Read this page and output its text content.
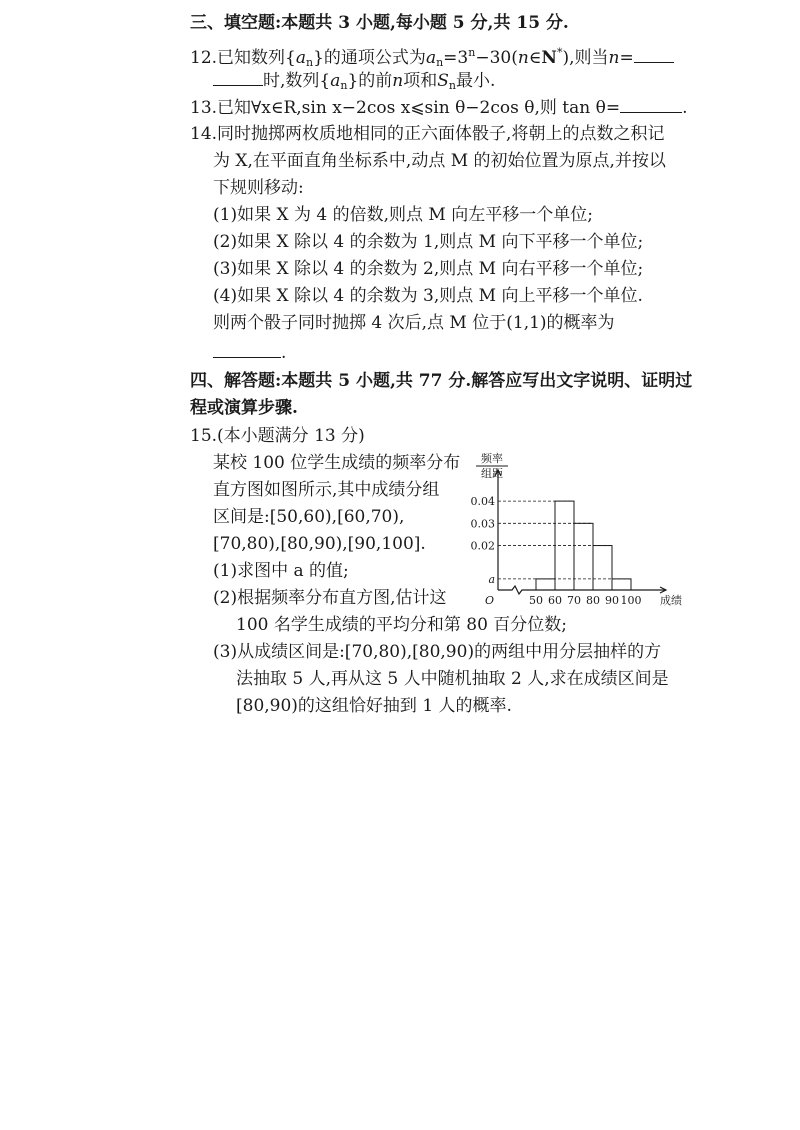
三、填空题:本题共 3 小题,每小题 5 分,共 15 分.
12.已知数列$\{a_n\}$的通项公式为$a_n=3^n-30(n\in N^*)$,则当n=
时,数列$\{a_n\}$的前n项和$S_n$最小.
13.已知∀x∈R,sin x−2cos x⩽sin θ−2cos θ,则 tan θ=	.
14.同时抛掷两枚质地相同的正六面体骰子,将朝上的点数之积记
为 X,在平面直角坐标系中,动点 M 的初始位置为原点,并按以
下规则移动:
(1)如果 X 为 4 的倍数,则点 M 向左平移一个单位;
(2)如果 X 除以 4 的余数为 1,则点 M 向下平移一个单位;
(3)如果 X 除以 4 的余数为 2,则点 M 向右平移一个单位;
(4)如果 X 除以 4 的余数为 3,则点 M 向上平移一个单位.
则两个骰子同时抛掷 4 次后,点 M 位于(1,1)的概率为
.
四、解答题:本题共 5 小题,共 77 分.解答应写出文字说明、证明过
程或演算步骤.
15.(本小题满分 13 分)
某校 100 位学生成绩的频率分布
直方图如图所示,其中成绩分组
区间是:[50,60),[60,70),
[70,80),[80,90),[90,100].
(1)求图中 a 的值;
(2)根据频率分布直方图,估计这
100 名学生成绩的平均分和第 80 百分位数;
(3)从成绩区间是:[70,80),[80,90)的两组中用分层抽样的方
法抽取 5 人,再从这 5 人中随机抽取 2 人,求在成绩区间是
[80,90)的这组恰好抽到 1 人的概率.
频率
组距
a
0.02
0.03
0.04
50 60 70 80 90 100
O	成绩
